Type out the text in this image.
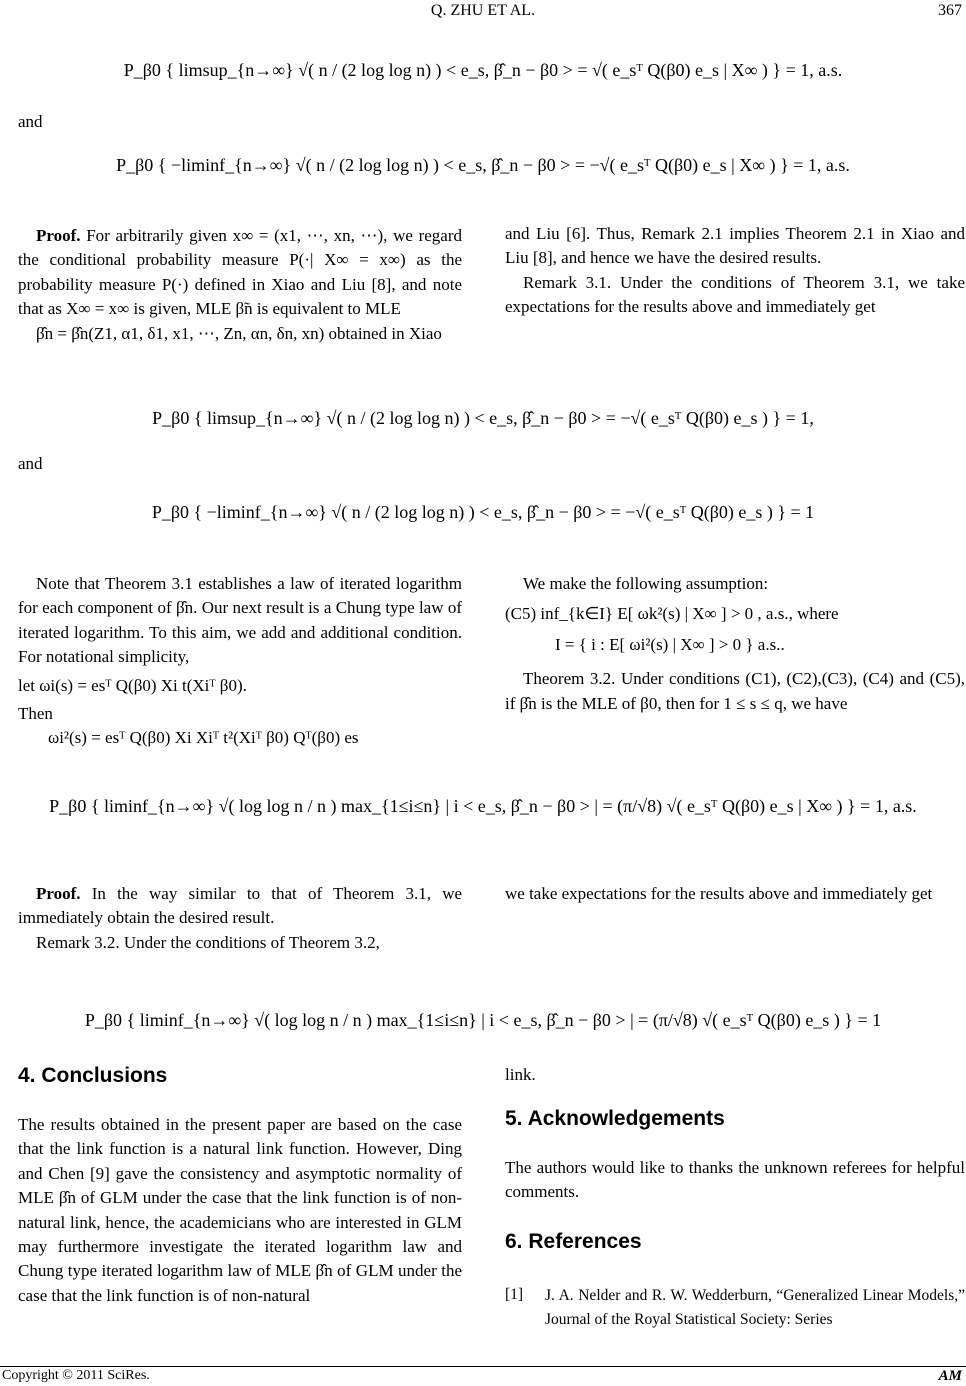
Q. ZHU ET AL.	367
P_β0 { limsup_{n→∞} √( n / (2 log log n) ) < e_s, β̂_n − β0 > = √( e_sᵀ Q(β0) e_s | X∞ ) } = 1, a.s.
and
P_β0 { −liminf_{n→∞} √( n / (2 log log n) ) < e_s, β̂_n − β0 > = −√( e_sᵀ Q(β0) e_s | X∞ ) } = 1, a.s.
Proof. For arbitrarily given x∞ = (x1, ⋯, xn, ⋯), we regard the conditional probability measure P(·| X∞ = x∞) as the probability measure P(·) defined in Xiao and Liu [8], and note that as X∞ = x∞ is given, MLE β̃n is equivalent to MLE
β̂n = β̂n(Z1, α1, δ1, x1, ⋯, Zn, αn, δn, xn) obtained in Xiao
and Liu [6]. Thus, Remark 2.1 implies Theorem 2.1 in Xiao and Liu [8], and hence we have the desired results.
Remark 3.1. Under the conditions of Theorem 3.1, we take expectations for the results above and immediately get
P_β0 { limsup_{n→∞} √( n / (2 log log n) ) < e_s, β̂_n − β0 > = −√( e_sᵀ Q(β0) e_s ) } = 1,
and
P_β0 { −liminf_{n→∞} √( n / (2 log log n) ) < e_s, β̂_n − β0 > = −√( e_sᵀ Q(β0) e_s ) } = 1
Note that Theorem 3.1 establishes a law of iterated logarithm for each component of β̂n. Our next result is a Chung type law of iterated logarithm. To this aim, we add and additional condition. For notational simplicity,
let ωi(s) = esᵀ Q(β0) Xi t(Xiᵀ β0).
Then
ωi²(s) = esᵀ Q(β0) Xi Xiᵀ t²(Xiᵀ β0) Qᵀ(β0) es
We make the following assumption:
(C5) inf_{k∈I} E[ ωk²(s) | X∞ ] > 0 , a.s., where
I = { i : E[ ωi²(s) | X∞ ] > 0 } a.s..
Theorem 3.2. Under conditions (C1), (C2),(C3), (C4) and (C5), if β̂n is the MLE of β0, then for 1 ≤ s ≤ q, we have
P_β0 { liminf_{n→∞} √( log log n / n ) max_{1≤i≤n} | i < e_s, β̂_n − β0 > | = (π/√8) √( e_sᵀ Q(β0) e_s | X∞ ) } = 1, a.s.
Proof. In the way similar to that of Theorem 3.1, we immediately obtain the desired result.
Remark 3.2. Under the conditions of Theorem 3.2,
we take expectations for the results above and immediately get
P_β0 { liminf_{n→∞} √( log log n / n ) max_{1≤i≤n} | i < e_s, β̂_n − β0 > | = (π/√8) √( e_sᵀ Q(β0) e_s ) } = 1
4. Conclusions
The results obtained in the present paper are based on the case that the link function is a natural link function. However, Ding and Chen [9] gave the consistency and asymptotic normality of MLE β̂n of GLM under the case that the link function is of non-natural link, hence, the academicians who are interested in GLM may furthermore investigate the iterated logarithm law and Chung type iterated logarithm law of MLE β̂n of GLM under the case that the link function is of non-natural
link.
5. Acknowledgements
The authors would like to thanks the unknown referees for helpful comments.
6. References
[1] J. A. Nelder and R. W. Wedderburn, “Generalized Linear Models,” Journal of the Royal Statistical Society: Series
Copyright © 2011 SciRes.	AM
